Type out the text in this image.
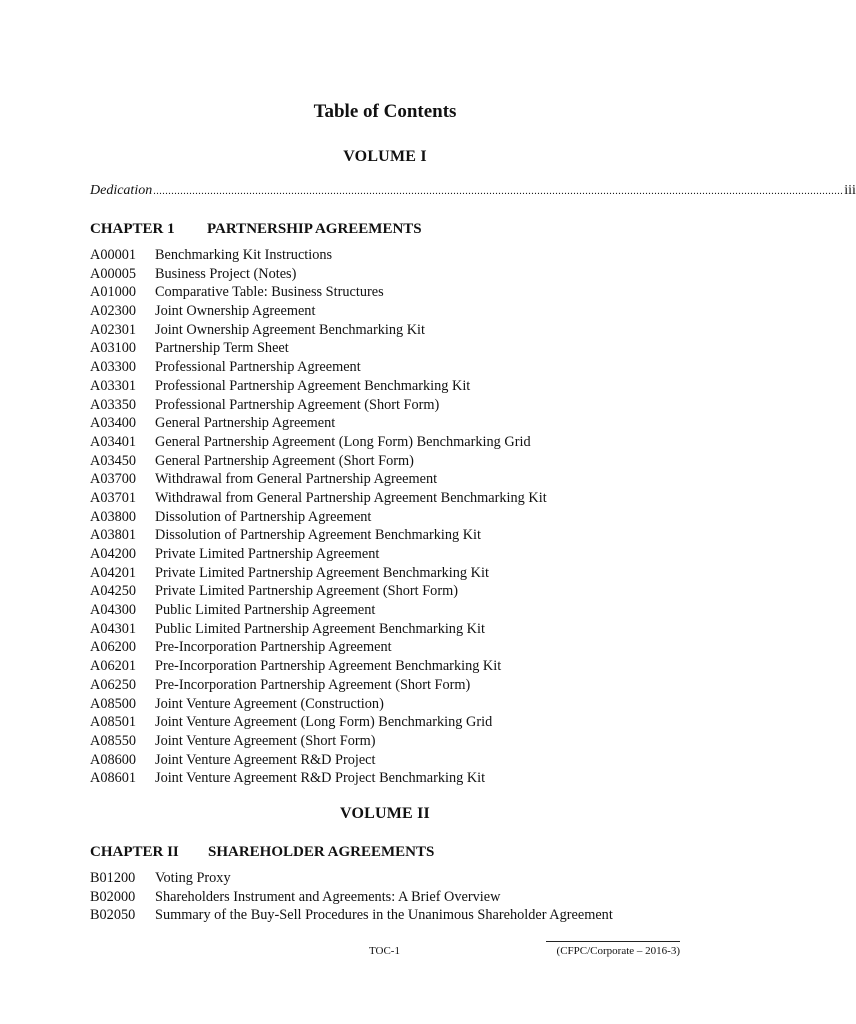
Table of Contents
VOLUME I
Dedication ...................................................................................................................................................................................................................................... iii
CHAPTER 1 PARTNERSHIP AGREEMENTS
A00001 Benchmarking Kit Instructions
A00005 Business Project (Notes)
A01000 Comparative Table: Business Structures
A02300 Joint Ownership Agreement
A02301 Joint Ownership Agreement Benchmarking Kit
A03100 Partnership Term Sheet
A03300 Professional Partnership Agreement
A03301 Professional Partnership Agreement Benchmarking Kit
A03350 Professional Partnership Agreement (Short Form)
A03400 General Partnership Agreement
A03401 General Partnership Agreement (Long Form) Benchmarking Grid
A03450 General Partnership Agreement (Short Form)
A03700 Withdrawal from General Partnership Agreement
A03701 Withdrawal from General Partnership Agreement Benchmarking Kit
A03800 Dissolution of Partnership Agreement
A03801 Dissolution of Partnership Agreement Benchmarking Kit
A04200 Private Limited Partnership Agreement
A04201 Private Limited Partnership Agreement Benchmarking Kit
A04250 Private Limited Partnership Agreement (Short Form)
A04300 Public Limited Partnership Agreement
A04301 Public Limited Partnership Agreement Benchmarking Kit
A06200 Pre-Incorporation Partnership Agreement
A06201 Pre-Incorporation Partnership Agreement Benchmarking Kit
A06250 Pre-Incorporation Partnership Agreement (Short Form)
A08500 Joint Venture Agreement (Construction)
A08501 Joint Venture Agreement (Long Form) Benchmarking Grid
A08550 Joint Venture Agreement (Short Form)
A08600 Joint Venture Agreement R&D Project
A08601 Joint Venture Agreement R&D Project Benchmarking Kit
VOLUME II
CHAPTER II SHAREHOLDER AGREEMENTS
B01200 Voting Proxy
B02000 Shareholders Instrument and Agreements: A Brief Overview
B02050 Summary of the Buy-Sell Procedures in the Unanimous Shareholder Agreement
TOC-1	(CFPC/Corporate – 2016-3)
